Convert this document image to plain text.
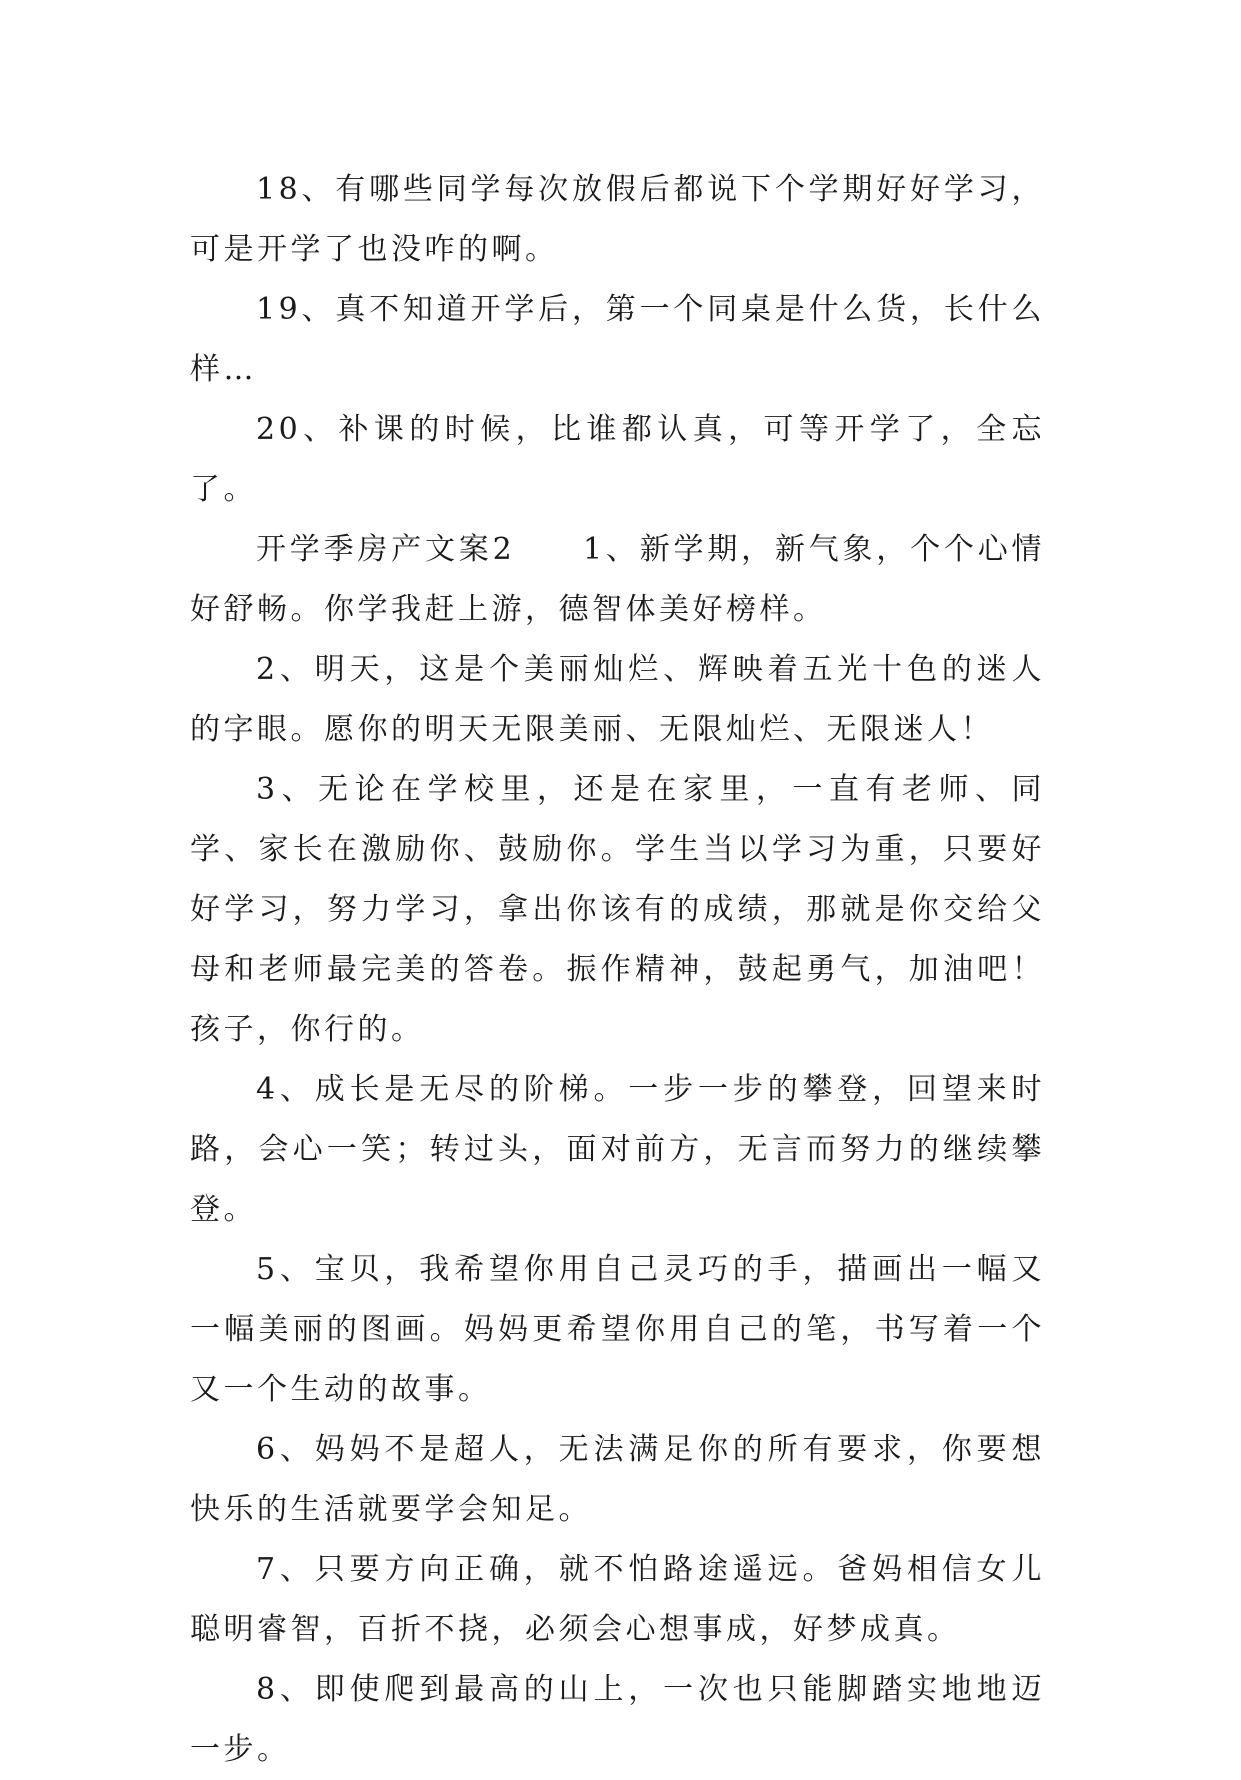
18、有哪些同学每次放假后都说下个学期好好学习，可是开学了也没咋的啊。

19、真不知道开学后，第一个同桌是什么货，长什么样…

20、补课的时候，比谁都认真，可等开学了，全忘了。

开学季房产文案2　　1、新学期，新气象，个个心情好舒畅。你学我赶上游，德智体美好榜样。

2、明天，这是个美丽灿烂、辉映着五光十色的迷人的字眼。愿你的明天无限美丽、无限灿烂、无限迷人！

3、无论在学校里，还是在家里，一直有老师、同学、家长在激励你、鼓励你。学生当以学习为重，只要好好学习，努力学习，拿出你该有的成绩，那就是你交给父母和老师最完美的答卷。振作精神，鼓起勇气，加油吧！孩子，你行的。

4、成长是无尽的阶梯。一步一步的攀登，回望来时路，会心一笑；转过头，面对前方，无言而努力的继续攀登。

5、宝贝，我希望你用自己灵巧的手，描画出一幅又一幅美丽的图画。妈妈更希望你用自己的笔，书写着一个又一个生动的故事。

6、妈妈不是超人，无法满足你的所有要求，你要想快乐的生活就要学会知足。

7、只要方向正确，就不怕路途遥远。爸妈相信女儿聪明睿智，百折不挠，必须会心想事成，好梦成真。

8、即使爬到最高的山上，一次也只能脚踏实地地迈一步。
